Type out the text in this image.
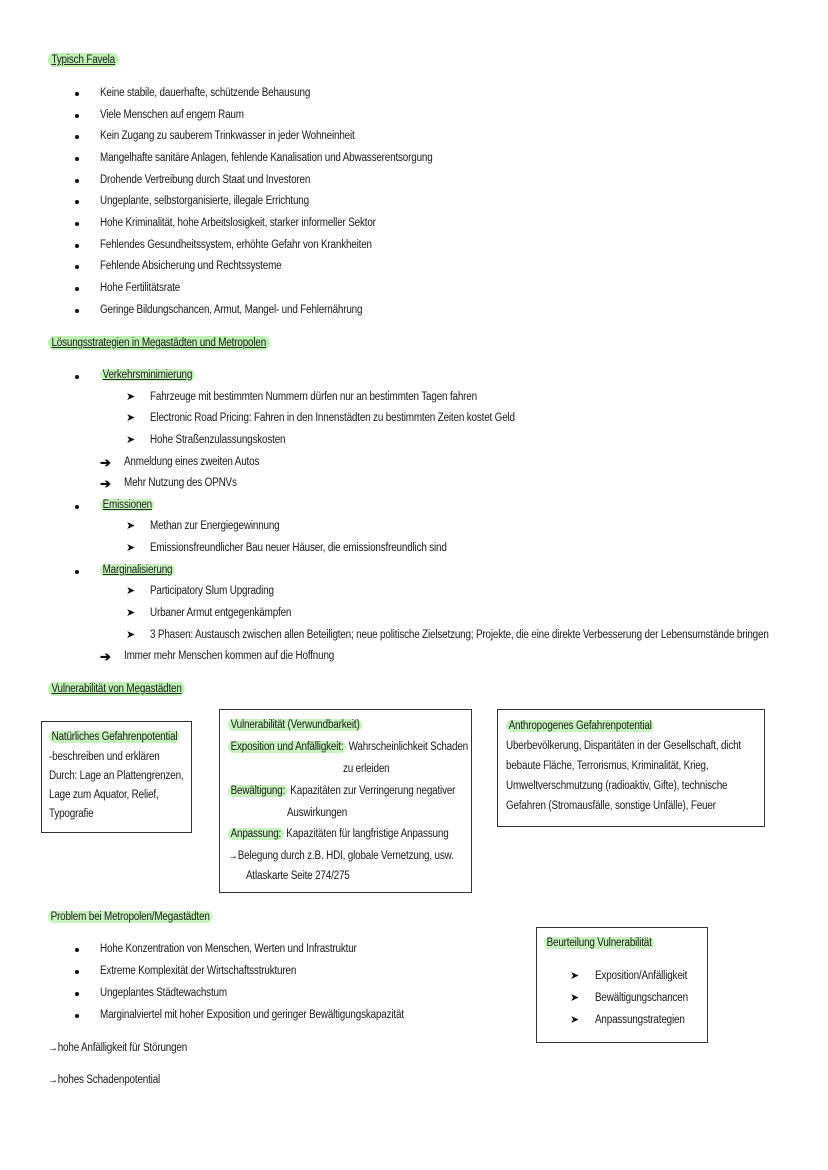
Typisch Favela
Keine stabile, dauerhafte, schützende Behausung
Viele Menschen auf engem Raum
Kein Zugang zu sauberem Trinkwasser in jeder Wohneinheit
Mangelhafte sanitäre Anlagen, fehlende Kanalisation und Abwasserentsorgung
Drohende Vertreibung durch Staat und Investoren
Ungeplante, selbstorganisierte, illegale Errichtung
Hohe Kriminalität, hohe Arbeitslosigkeit, starker informeller Sektor
Fehlendes Gesundheitssystem, erhöhte Gefahr von Krankheiten
Fehlende Absicherung und Rechtssysteme
Hohe Fertilitätsrate
Geringe Bildungschancen, Armut, Mangel- und Fehlernährung
Lösungsstrategien in Megastädten und Metropolen
Verkehrsminimierung
➤ Fahrzeuge mit bestimmten Nummern dürfen nur an bestimmten Tagen fahren
➤ Electronic Road Pricing: Fahren in den Innenstädten zu bestimmten Zeiten kostet Geld
➤ Hohe Straßenzulassungskosten
➔ Anmeldung eines zweiten Autos
➔ Mehr Nutzung des ÖPNVs
Emissionen
➤ Methan zur Energiegewinnung
➤ Emissionsfreundlicher Bau neuer Häuser, die emissionsfreundlich sind
Marginalisierung
➤ Participatory Slum Upgrading
➤ Urbaner Armut entgegenkämpfen
➤ 3 Phasen: Austausch zwischen allen Beteiligten; neue politische Zielsetzung; Projekte, die eine direkte Verbesserung der Lebensumstände bringen
➔ Immer mehr Menschen kommen auf die Hoffnung
Vulnerabilität von Megastädten
Natürliches Gefahrenpotential
-beschreiben und erklären
Durch: Lage an Plattengrenzen,
Lage zum Äquator, Relief,
Typografie
Vulnerabilität (Verwundbarkeit)
Exposition und Anfälligkeit: Wahrscheinlichkeit Schaden
zu erleiden
Bewältigung: Kapazitäten zur Verringerung negativer
Auswirkungen
Anpassung: Kapazitäten für langfristige Anpassung
→Belegung durch z.B. HDI, globale Vernetzung, usw.
Atlaskarte Seite 274/275
Anthropogenes Gefahrenpotential
Überbevölkerung, Disparitäten in der Gesellschaft, dicht
bebaute Fläche, Terrorismus, Kriminalität, Krieg,
Umweltverschmutzung (radioaktiv, Gifte), technische
Gefahren (Stromausfälle, sonstige Unfälle), Feuer
Problem bei Metropolen/Megastädten
Hohe Konzentration von Menschen, Werten und Infrastruktur
Extreme Komplexität der Wirtschaftsstrukturen
Ungeplantes Städtewachstum
Marginalviertel mit hoher Exposition und geringer Bewältigungskapazität
→hohe Anfälligkeit für Störungen
→hohes Schadenpotential
Beurteilung Vulnerabilität
➤ Exposition/Anfälligkeit
➤ Bewältigungschancen
➤ Anpassungstrategien
